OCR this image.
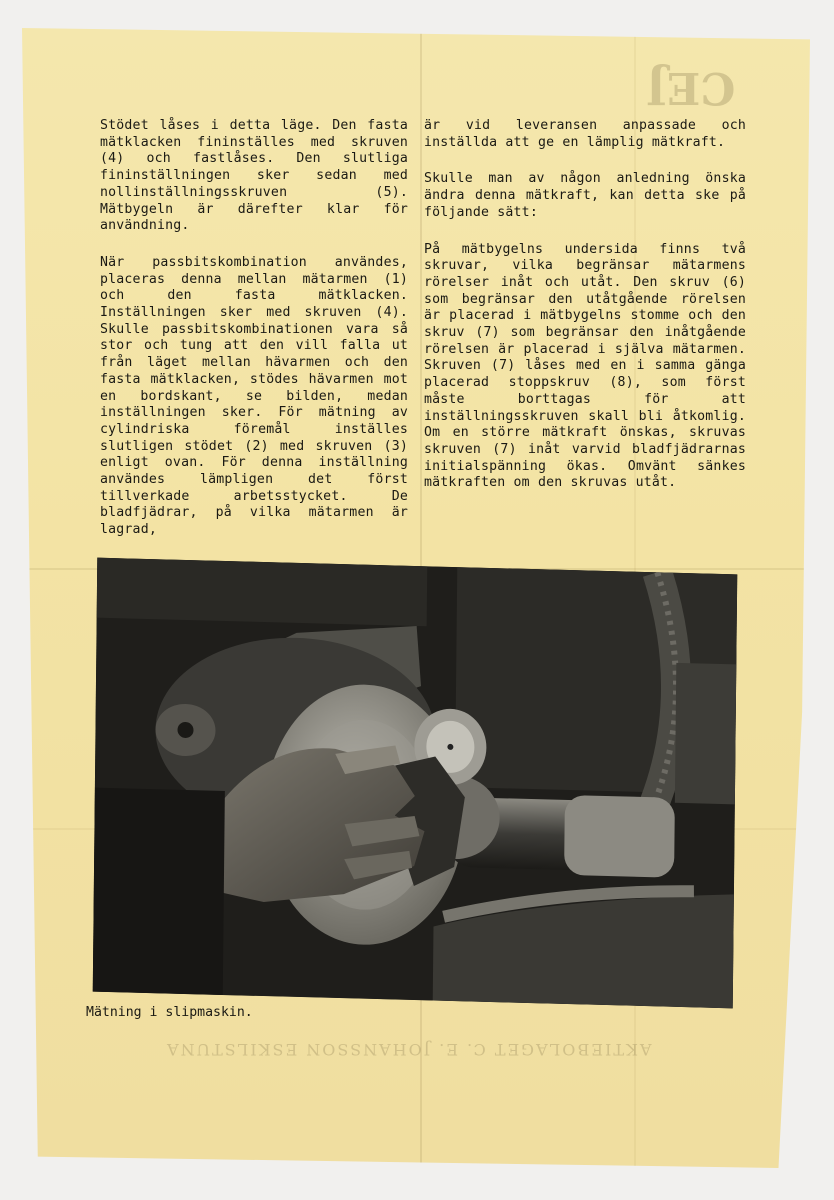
CEJ
AKTIEBOLAGET C. E. JOHANSSON ESKILSTUNA

Stödet låses i detta läge. Den fasta mätklacken fininställes med skruven (4) och fastlåses. Den slutliga fininställningen sker sedan med nollinställningsskruven (5). Mätbygeln är därefter klar för användning.

När passbitskombination användes, placeras denna mellan mätarmen (1) och den fasta mätklacken. Inställningen sker med skruven (4). Skulle passbitskombinationen vara så stor och tung att den vill falla ut från läget mellan hävarmen och den fasta mätklacken, stödes hävarmen mot en bordskant, se bilden, medan inställningen sker. För mätning av cylindriska föremål inställes slutligen stödet (2) med skruven (3) enligt ovan. För denna inställning användes lämpligen det först tillverkade arbetsstycket. De bladfjädrar, på vilka mätarmen är lagrad,

är vid leveransen anpassade och inställda att ge en lämplig mätkraft.

Skulle man av någon anledning önska ändra denna mätkraft, kan detta ske på följande sätt:

På mätbygelns undersida finns två skruvar, vilka begränsar mätarmens rörelser inåt och utåt. Den skruv (6) som begränsar den utåtgående rörelsen är placerad i mätbygelns stomme och den skruv (7) som begränsar den inåtgående rörelsen är placerad i själva mätarmen. Skruven (7) låses med en i samma gänga placerad stoppskruv (8), som först måste borttagas för att inställningsskruven skall bli åtkomlig. Om en större mätkraft önskas, skruvas skruven (7) inåt varvid bladfjädrarnas initialspänning ökas. Omvänt sänkes mätkraften om den skruvas utåt.

Mätning i slipmaskin.
